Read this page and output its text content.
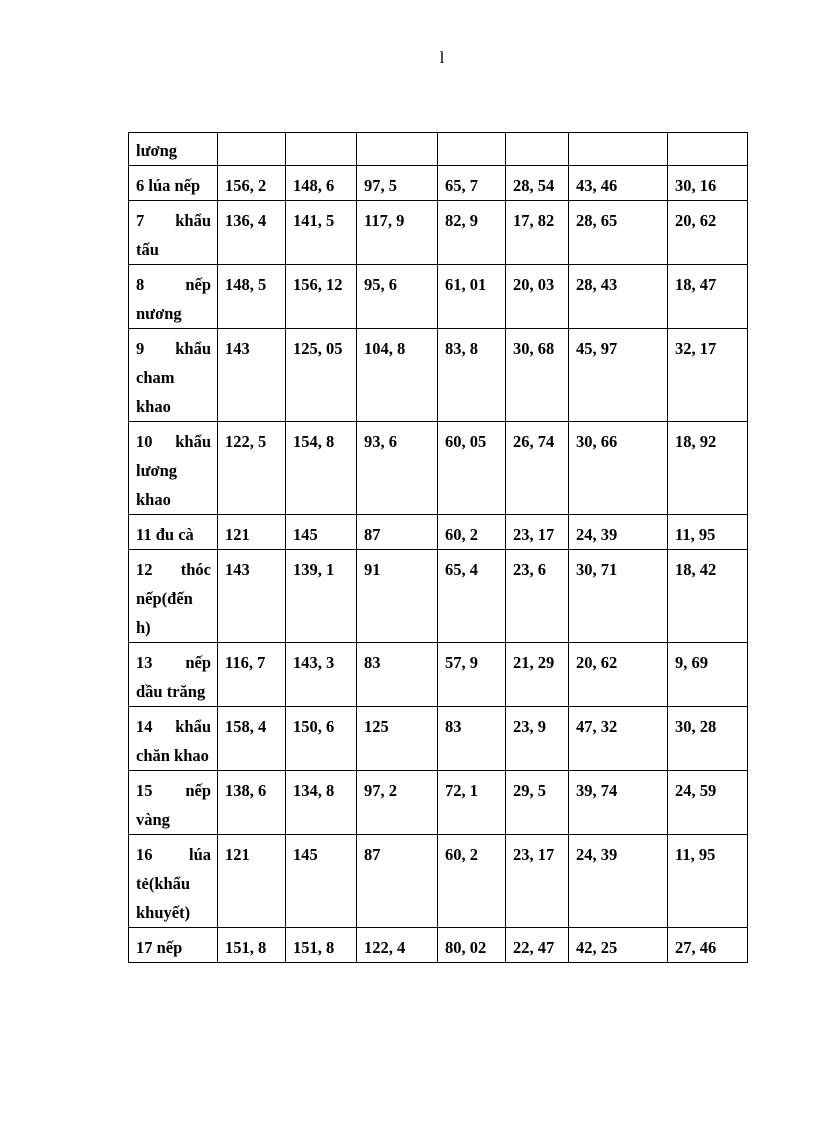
l
lương							
6 lúa nếp	156, 2	148, 6	97, 5	65, 7	28, 54	43, 46	30, 16
7 khẩu tấu	136, 4	141, 5	117, 9	82, 9	17, 82	28, 65	20, 62
8 nếp nương	148, 5	156, 12	95, 6	61, 01	20, 03	28, 43	18, 47
9 khẩu cham khao	143	125, 05	104, 8	83, 8	30, 68	45, 97	32, 17
10 khẩu lương khao	122, 5	154, 8	93, 6	60, 05	26, 74	30, 66	18, 92
11 đu cà	121	145	87	60, 2	23, 17	24, 39	11, 95
12 thóc nếp(đến h)	143	139, 1	91	65, 4	23, 6	30, 71	18, 42
13 nếp dầu trăng	116, 7	143, 3	83	57, 9	21, 29	20, 62	9, 69
14 khẩu chăn khao	158, 4	150, 6	125	83	23, 9	47, 32	30, 28
15 nếp vàng	138, 6	134, 8	97, 2	72, 1	29, 5	39, 74	24, 59
16 lúa tẻ(khẩu khuyết)	121	145	87	60, 2	23, 17	24, 39	11, 95
17 nếp	151, 8	151, 8	122, 4	80, 02	22, 47	42, 25	27, 46
